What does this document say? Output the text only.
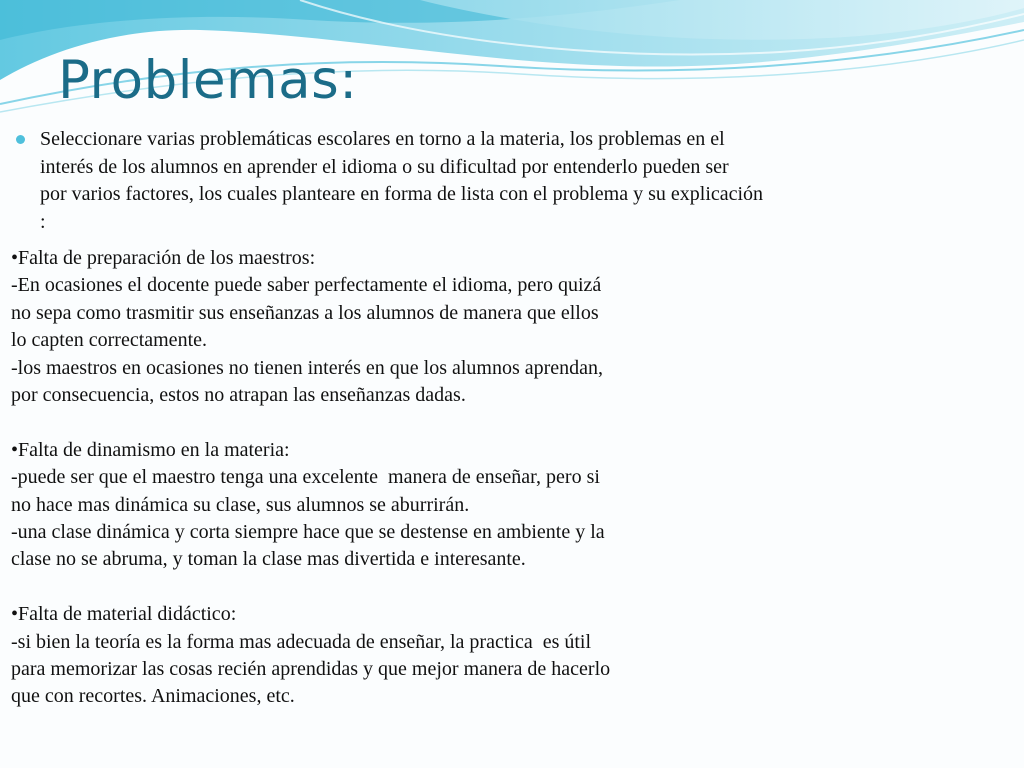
Problemas:
Seleccionare varias problemáticas escolares en torno a la materia, los problemas en el
interés de los alumnos en aprender el idioma o su dificultad por entenderlo pueden ser
por varios factores, los cuales planteare en forma de lista con el problema y su explicación
:
•Falta de preparación de los maestros:
-En ocasiones el docente puede saber perfectamente el idioma, pero quizá
no sepa como trasmitir sus enseñanzas a los alumnos de manera que ellos
lo capten correctamente.
-los maestros en ocasiones no tienen interés en que los alumnos aprendan,
por consecuencia, estos no atrapan las enseñanzas dadas.
•Falta de dinamismo en la materia:
-puede ser que el maestro tenga una excelente  manera de enseñar, pero si
no hace mas dinámica su clase, sus alumnos se aburrirán.
-una clase dinámica y corta siempre hace que se destense en ambiente y la
clase no se abruma, y toman la clase mas divertida e interesante.
•Falta de material didáctico:
-si bien la teoría es la forma mas adecuada de enseñar, la practica  es útil
para memorizar las cosas recién aprendidas y que mejor manera de hacerlo
que con recortes. Animaciones, etc.
